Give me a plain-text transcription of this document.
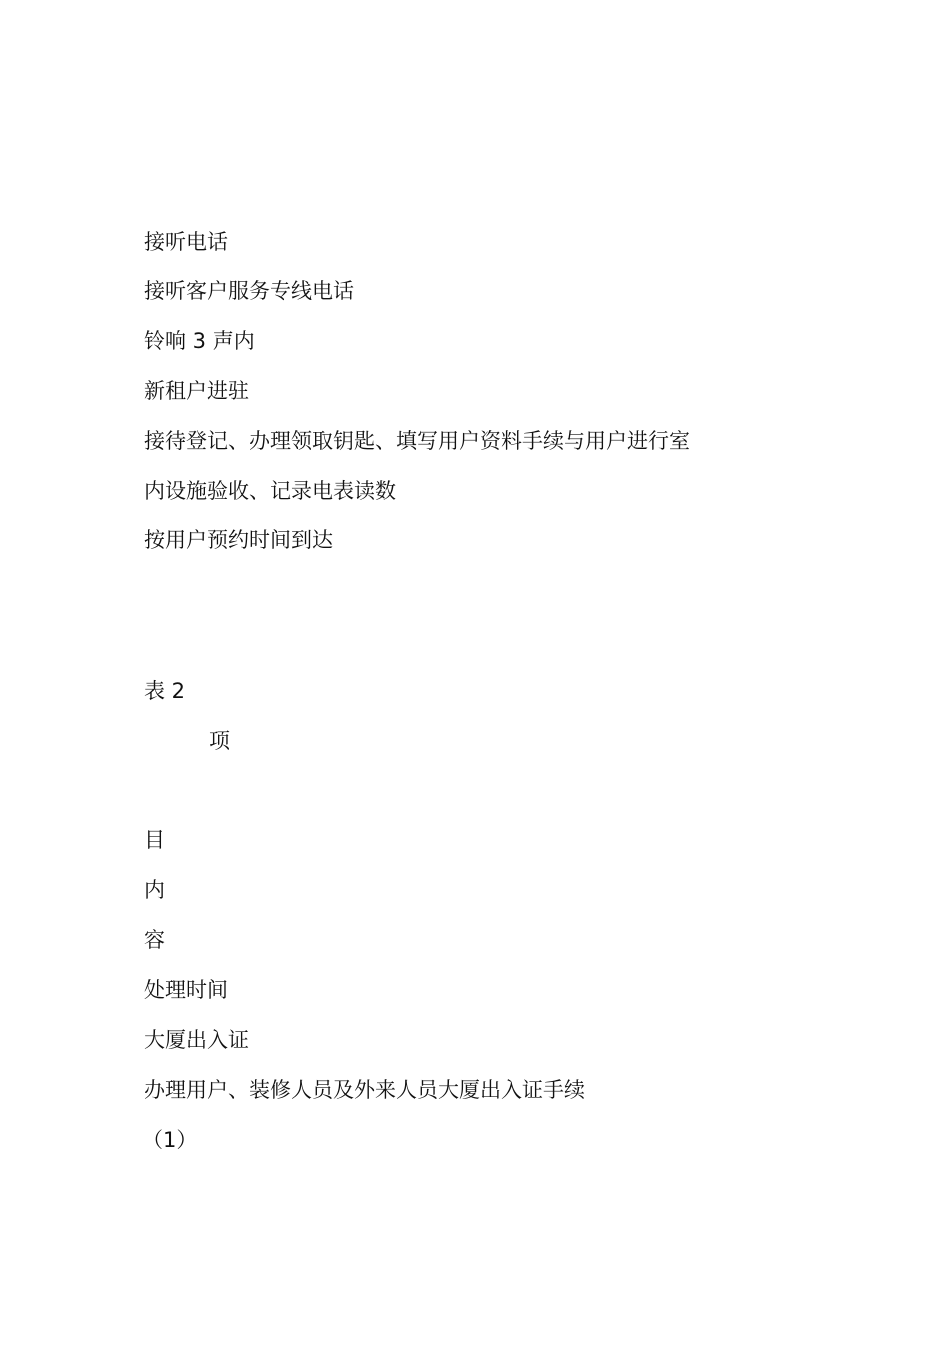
接听电话
接听客户服务专线电话
铃响 3 声内
新租户进驻
接待登记、办理领取钥匙、填写用户资料手续与用户进行室
内设施验收、记录电表读数
按用户预约时间到达
表 2
项
目
内
容
处理时间
大厦出入证
办理用户、装修人员及外来人员大厦出入证手续
（1）
